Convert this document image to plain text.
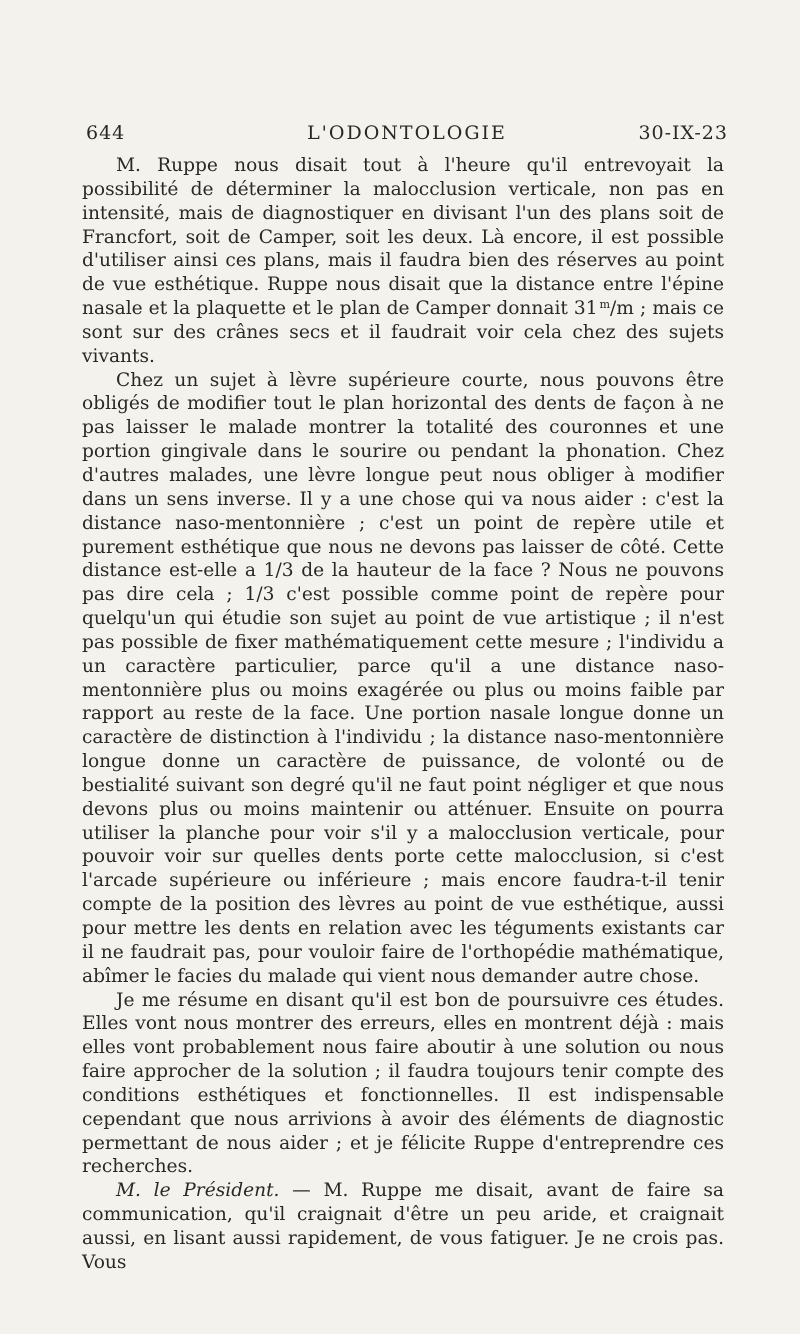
644	L'ODONTOLOGIE	30-IX-23

M. Ruppe nous disait tout à l'heure qu'il entrevoyait la possibilité de déterminer la malocclusion verticale, non pas en intensité, mais de diagnostiquer en divisant l'un des plans soit de Francfort, soit de Camper, soit les deux. Là encore, il est possible d'utiliser ainsi ces plans, mais il faudra bien des réserves au point de vue esthétique. Ruppe nous disait que la distance entre l'épine nasale et la plaquette et le plan de Camper donnait 31  $^m$/m ; mais ce sont sur des crânes secs et il faudrait voir cela chez des sujets vivants.

Chez un sujet à lèvre supérieure courte, nous pouvons être obligés de modifier tout le plan horizontal des dents de façon à ne pas laisser le malade montrer la totalité des couronnes et une portion gingivale dans le sourire ou pendant la phonation. Chez d'autres malades, une lèvre longue peut nous obliger à modifier dans un sens inverse. Il y a une chose qui va nous aider : c'est la distance naso-mentonnière ; c'est un point de repère utile et purement esthétique que nous ne devons pas laisser de côté. Cette distance est-elle a 1/3 de la hauteur de la face ? Nous ne pouvons pas dire cela ; 1/3 c'est possible comme point de repère pour quelqu'un qui étudie son sujet au point de vue artistique ; il n'est pas possible de fixer mathématiquement cette mesure ; l'individu a un caractère particulier, parce qu'il a une distance naso-mentonnière plus ou moins exagérée ou plus ou moins faible par rapport au reste de la face. Une portion nasale longue donne un caractère de distinction à l'individu ; la distance naso-mentonnière longue donne un caractère de puissance, de volonté ou de bestialité suivant son degré qu'il ne faut point négliger et que nous devons plus ou moins maintenir ou atténuer. Ensuite on pourra utiliser la planche pour voir s'il y a malocclusion verticale, pour pouvoir voir sur quelles dents porte cette malocclusion, si c'est l'arcade supérieure ou inférieure ; mais encore faudra-t-il tenir compte de la position des lèvres au point de vue esthétique, aussi pour mettre les dents en relation avec les téguments existants car il ne faudrait pas, pour vouloir faire de l'orthopédie mathématique, abîmer le facies du malade qui vient nous demander autre chose.

Je me résume en disant qu'il est bon de poursuivre ces études. Elles vont nous montrer des erreurs, elles en montrent déjà : mais elles vont probablement nous faire aboutir à une solution ou nous faire approcher de la solution ; il faudra toujours tenir compte des conditions esthétiques et fonctionnelles. Il est indispensable cependant que nous arrivions à avoir des éléments de diagnostic permettant de nous aider ; et je félicite Ruppe d'entreprendre ces recherches.

M. le Président. — M. Ruppe me disait, avant de faire sa communication, qu'il craignait d'être un peu aride, et craignait aussi, en lisant aussi rapidement, de vous fatiguer. Je ne crois pas. Vous
